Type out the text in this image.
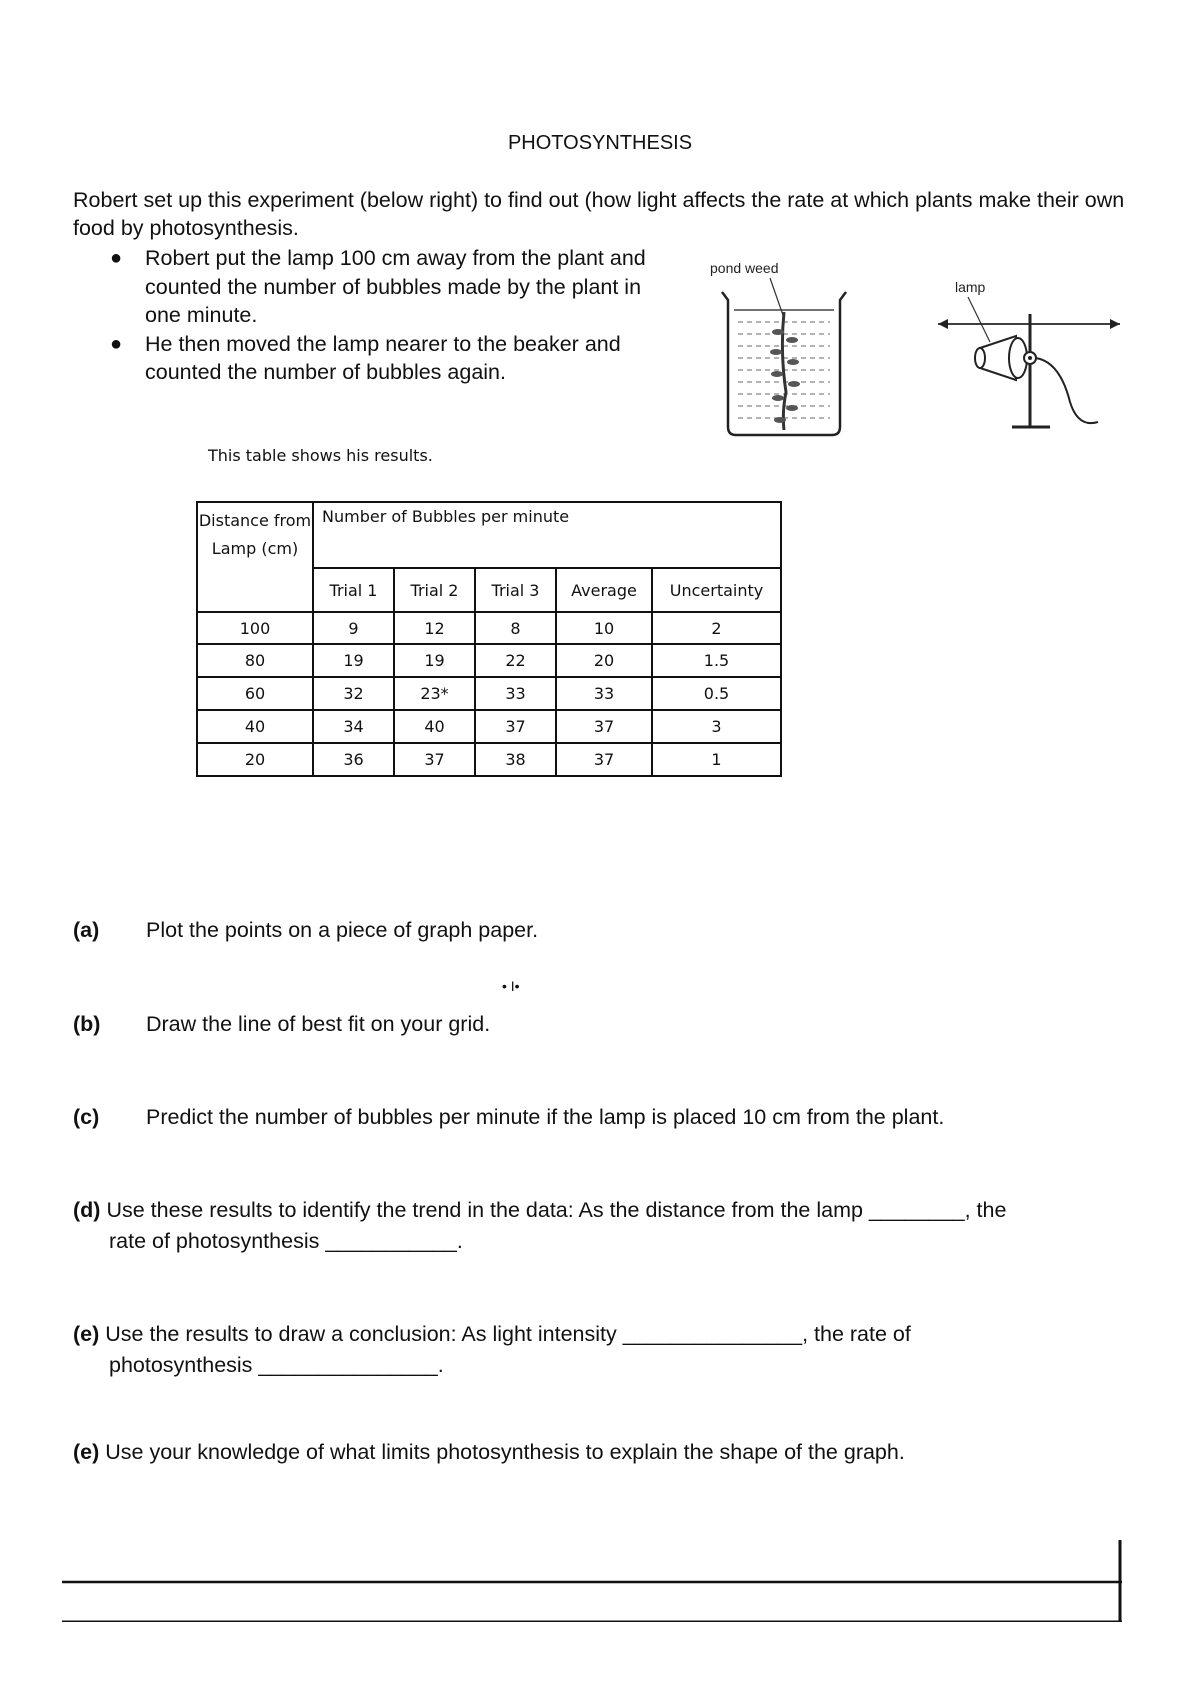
PHOTOSYNTHESIS
Robert set up this experiment (below right) to find out (how light affects the rate at which plants make their own food by photosynthesis.
● Robert put the lamp 100 cm away from the plant and counted the number of bubbles made by the plant in one minute.
● He then moved the lamp nearer to the beaker and counted the number of bubbles again.
pond weed
lamp
This table shows his results.
Distance from Lamp (cm)	Number of Bubbles per minute				
	Trial 1	Trial 2	Trial 3	Average	Uncertainty
100	9	12	8	10	2
80	19	19	22	20	1.5
60	32	23*	33	33	0.5
40	34	40	37	37	3
20	36	37	38	37	1
(a) Plot the points on a piece of graph paper.
• I•
(b) Draw the line of best fit on your grid.
(c) Predict the number of bubbles per minute if the lamp is placed 10 cm from the plant.
(d) Use these results to identify the trend in the data: As the distance from the lamp ________, the
rate of photosynthesis ___________.
(e) Use the results to draw a conclusion: As light intensity _______________, the rate of
photosynthesis _______________.
(e) Use your knowledge of what limits photosynthesis to explain the shape of the graph.
